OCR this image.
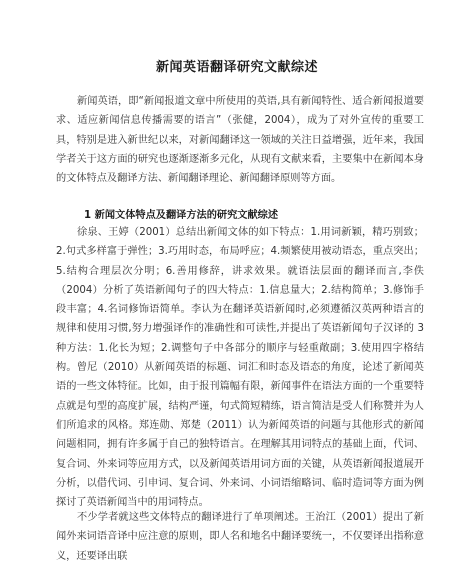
新闻英语翻译研究文献综述

新闻英语，即“新闻报道文章中所使用的英语,具有新闻特性、适合新闻报道要求、适应新闻信息传播需要的语言”（张健，2004），成为了对外宣传的重要工具，特别是进入新世纪以来，对新闻翻译这一领域的关注日益增强，近年来，我国学者关于这方面的研究也逐渐逐渐多元化，从现有文献来看，主要集中在新闻本身的文体特点及翻译方法、新闻翻译理论、新闻翻译原则等方面。

1 新闻文体特点及翻译方法的研究文献综述

徐泉、王婷（2001）总结出新闻文体的如下特点：1.用词新颖，精巧别致；2.句式多样富于弹性；3.巧用时态，布局呼应；4.频繁使用被动语态，重点突出；5.结构合理层次分明；6.善用修辞，讲求效果。就语法层面的翻译而言,李佚（2004）分析了英语新闻句子的四大特点：1.信息量大；2.结构简单；3.修饰手段丰富；4.名词修饰语简单。李认为在翻译英语新闻时,必须遵循汉英两种语言的规律和使用习惯,努力增强译作的准确性和可读性,并提出了英语新闻句子汉译的 3 种方法：1.化长为短；2.调整句子中各部分的顺序与轻重敞副；3.使用四字格结构。曾尼（2010）从新闻英语的标题、词汇和时态及语态的角度，论述了新闻英语的一些文体特征。比如，由于报刊篇幅有限，新闻事件在语法方面的一个重要特点就是句型的高度扩展，结构严谨，句式简短精练，语言简洁是受人们称赞并为人们所追求的风格。郑连勋、郑楚（2011）认为新闻英语的问题与其他形式的新闻问题相同，拥有许多属于自己的独特语言。在理解其用词特点的基础上面，代词、复合词、外来词等应用方式，以及新闻英语用词方面的关键，从英语新闻报道展开分析，以借代词、引申词、复合词、外来词、小词语缩略词、临时造词等方面为例探讨了英语新闻当中的用词特点。

不少学者就这些文体特点的翻译进行了单项阐述。王治江（2001）提出了新闻外来词语音译中应注意的原则，即人名和地名中翻译要统一，不仅要译出指称意义，还要译出联
